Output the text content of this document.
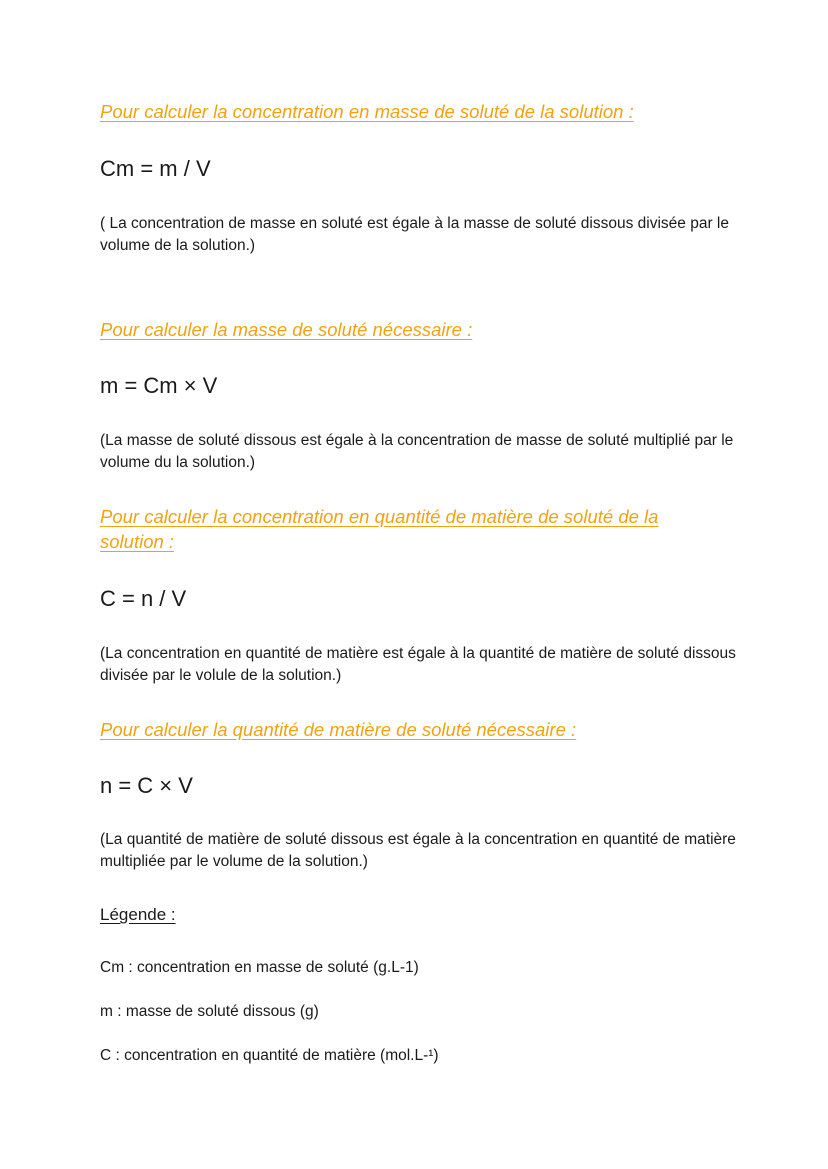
Pour calculer la concentration en masse de soluté de la solution :

Cm = m / V

( La concentration de masse en soluté est égale à la masse de soluté dissous divisée par le volume de la solution.)

Pour calculer la masse de soluté nécessaire :

m = Cm × V

(La masse de soluté dissous est égale à la concentration de masse de soluté multiplié par le volume du la solution.)

Pour calculer la concentration en quantité de matière de soluté de la solution :

C = n / V

(La concentration en quantité de matière est égale à la quantité de matière de soluté dissous divisée par le volule de la solution.)

Pour calculer la quantité de matière de soluté nécessaire :

n = C × V

(La quantité de matière de soluté dissous est égale à la concentration en quantité de matière multipliée par le volume de la solution.)

Légende :

Cm : concentration en masse de soluté (g.L-1)

m : masse de soluté dissous (g)

C : concentration en quantité de matière (mol.L-¹)
